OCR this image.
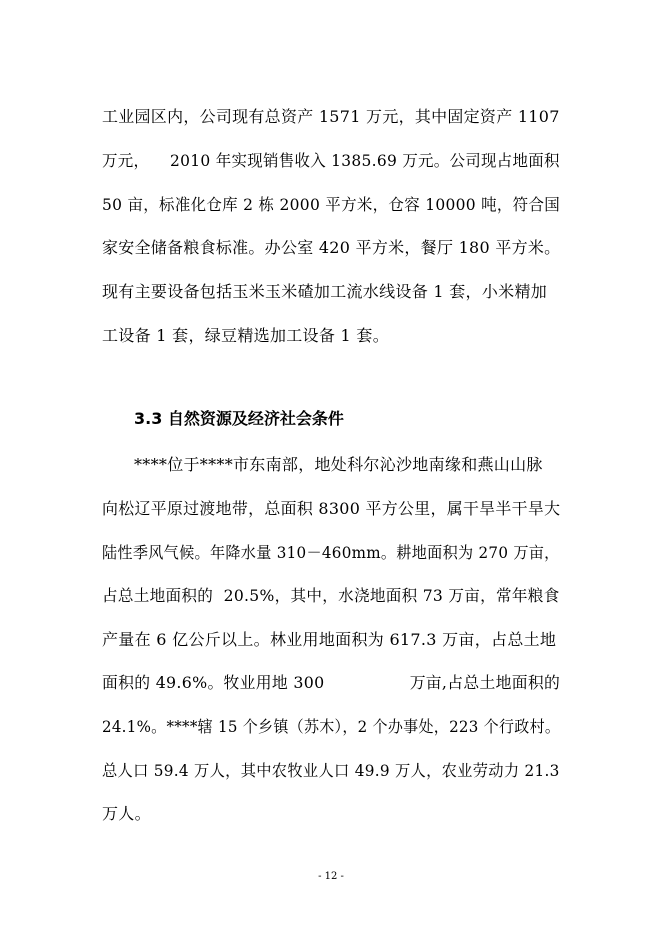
工业园区内，公司现有总资产 1571 万元，其中固定资产 1107
万元，    2010 年实现销售收入 1385.69 万元。公司现占地面积
50 亩，标准化仓库 2 栋 2000 平方米，仓容 10000 吨，符合国
家安全储备粮食标准。办公室 420 平方米，餐厅 180 平方米。
现有主要设备包括玉米玉米碴加工流水线设备 1 套，小米精加
工设备 1 套，绿豆精选加工设备 1 套。
3.3 自然资源及经济社会条件
****位于****市东南部，地处科尔沁沙地南缘和燕山山脉
向松辽平原过渡地带，总面积 8300 平方公里，属干旱半干旱大
陆性季风气候。年降水量 310－460mm。耕地面积为 270 万亩，
占总土地面积的  20.5%，其中，水浇地面积 73 万亩，常年粮食
产量在 6 亿公斤以上。林业用地面积为 617.3 万亩，占总土地
面积的 49.6%。牧业用地 300                万亩,占总土地面积的
24.1%。****辖 15 个乡镇（苏木），2 个办事处，223 个行政村。
总人口 59.4 万人，其中农牧业人口 49.9 万人，农业劳动力 21.3
万人。
- 12 -
